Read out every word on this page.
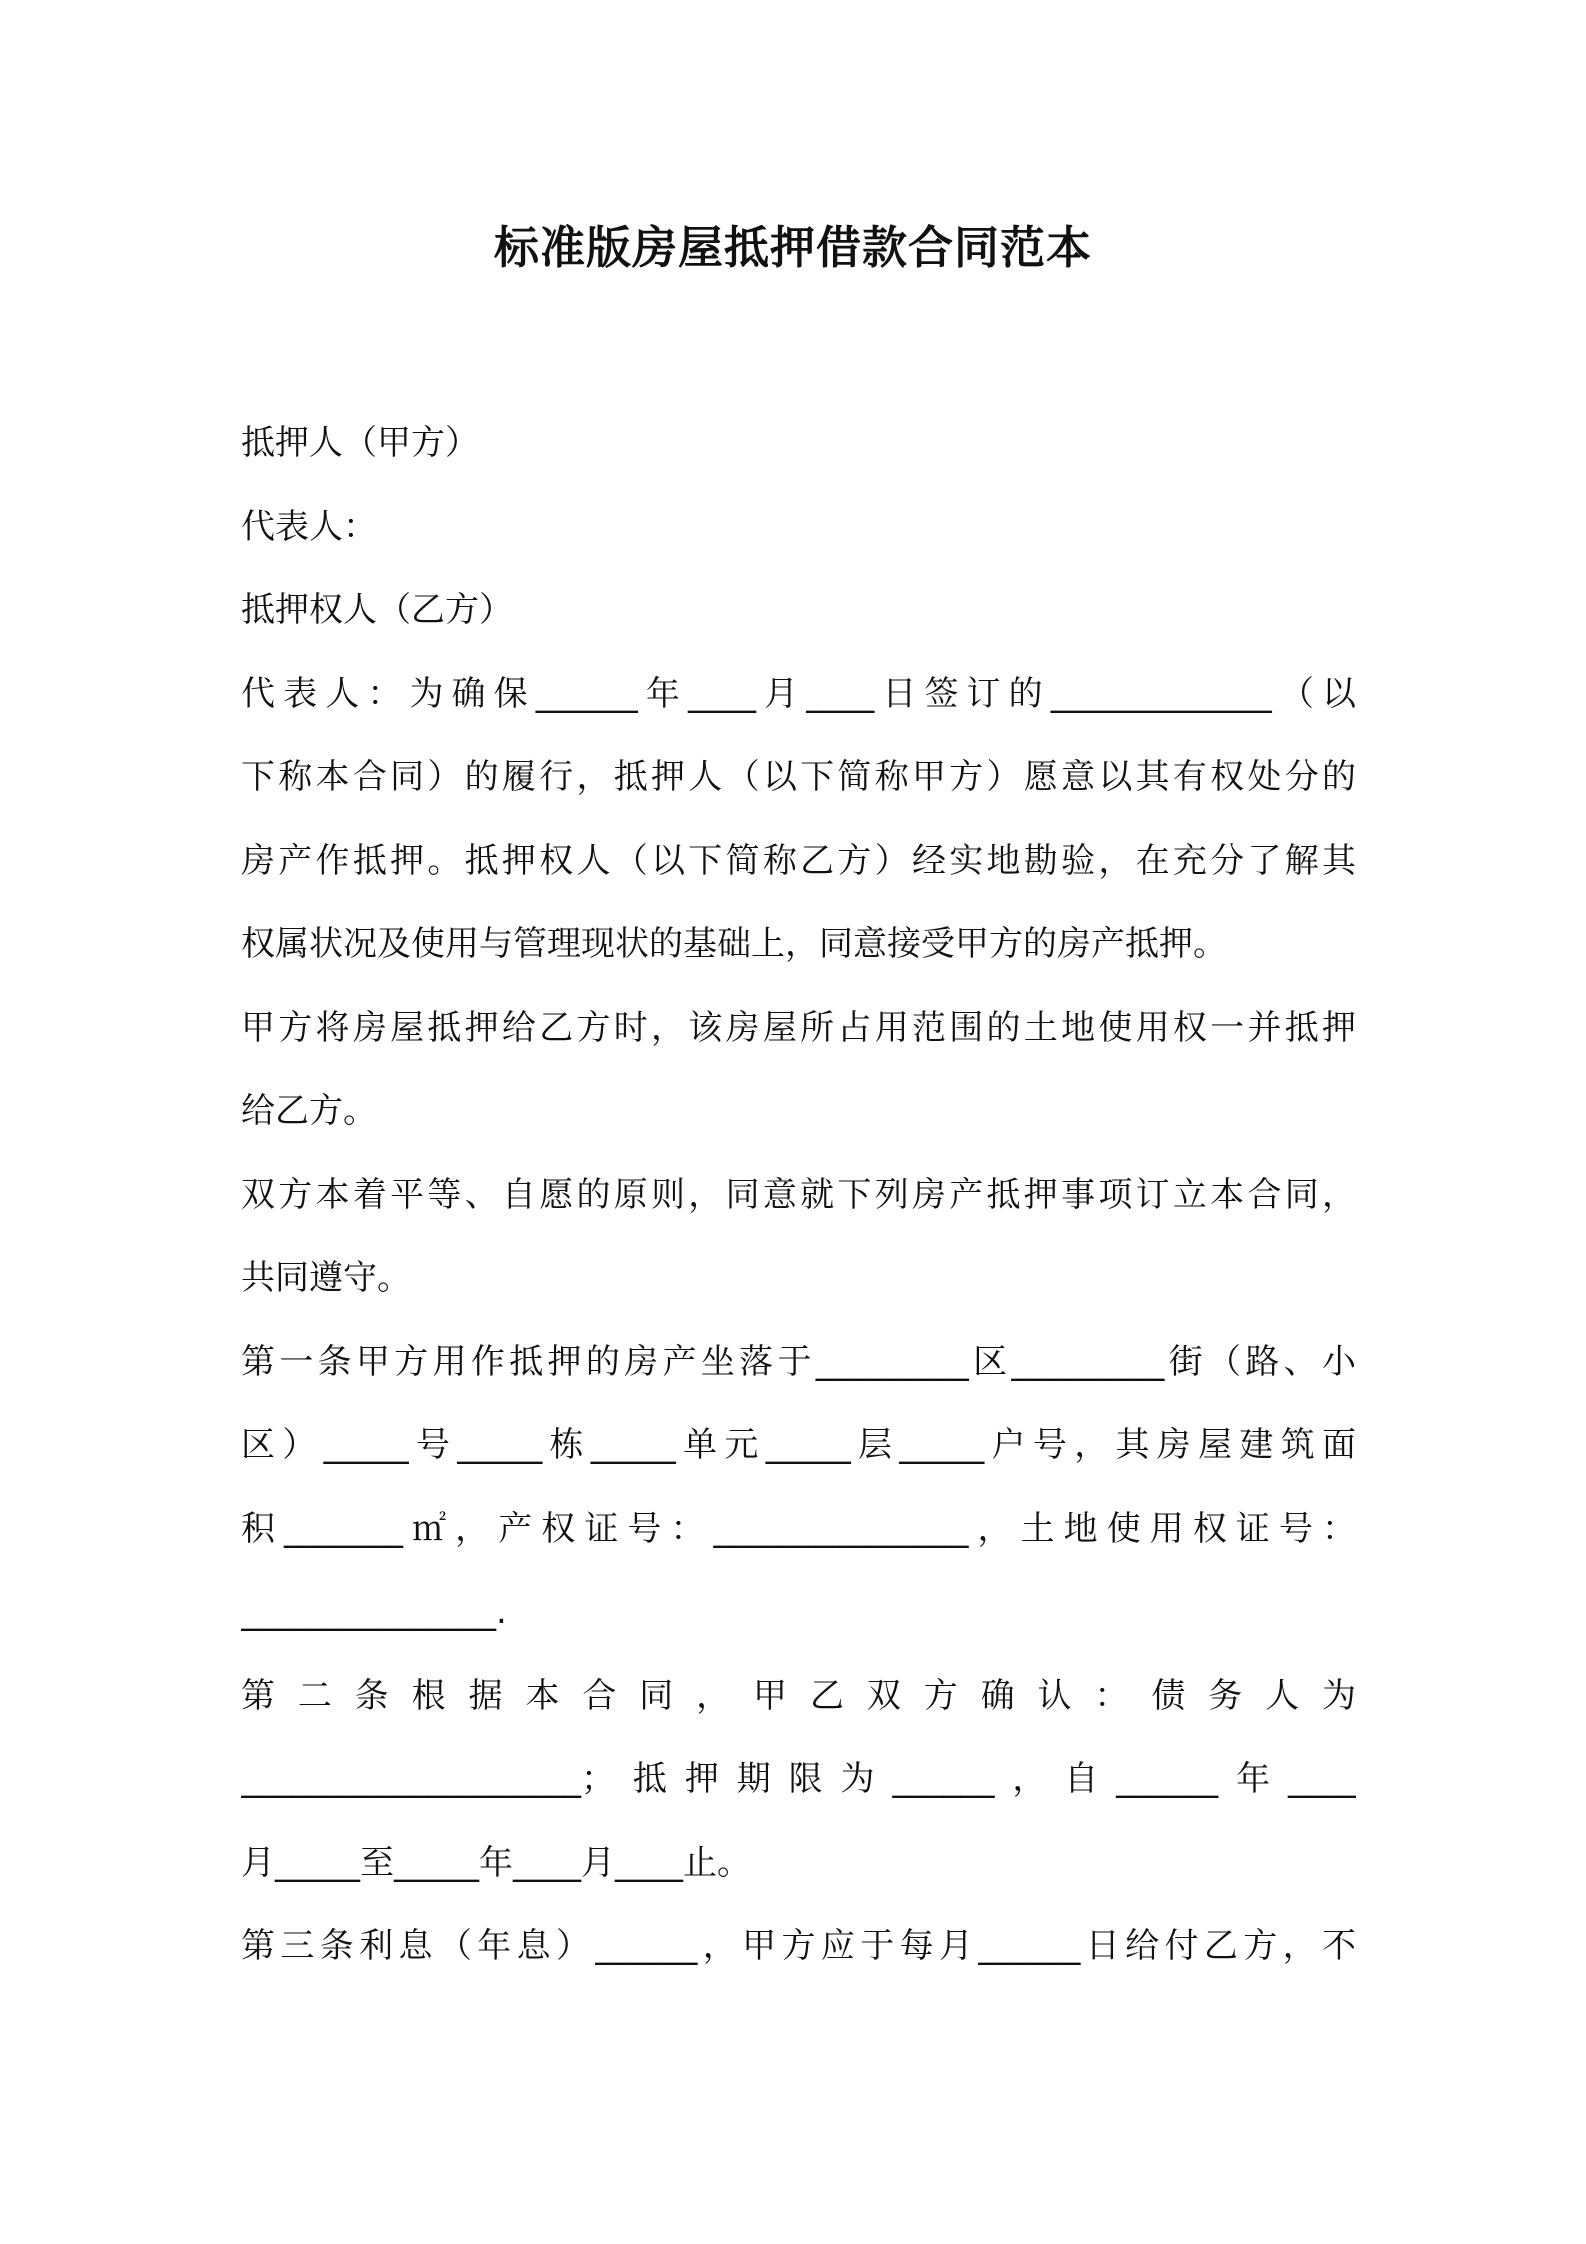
标准版房屋抵押借款合同范本
抵押人（甲方）
代表人：
抵押权人（乙方）
代表人：为确保______年____月____日签订的_____________（以
下称本合同）的履行，抵押人（以下简称甲方）愿意以其有权处分的
房产作抵押。抵押权人（以下简称乙方）经实地勘验，在充分了解其
权属状况及使用与管理现状的基础上，同意接受甲方的房产抵押。
甲方将房屋抵押给乙方时，该房屋所占用范围的土地使用权一并抵押
给乙方。
双方本着平等、自愿的原则，同意就下列房产抵押事项订立本合同，
共同遵守。
第一条甲方用作抵押的房产坐落于_________区_________街（路、小
区）_____号_____栋_____单元_____层_____户号，其房屋建筑面
积_______㎡，产权证号：_______________，土地使用权证号：
_______________.
第 二 条 根 据 本 合 同 ， 甲 乙 双 方 确 认 ： 债 务 人 为
____________________；抵押期限为______，自______年____
月_____至_____年____月____止。
第三条利息（年息）______，甲方应于每月______日给付乙方，不
